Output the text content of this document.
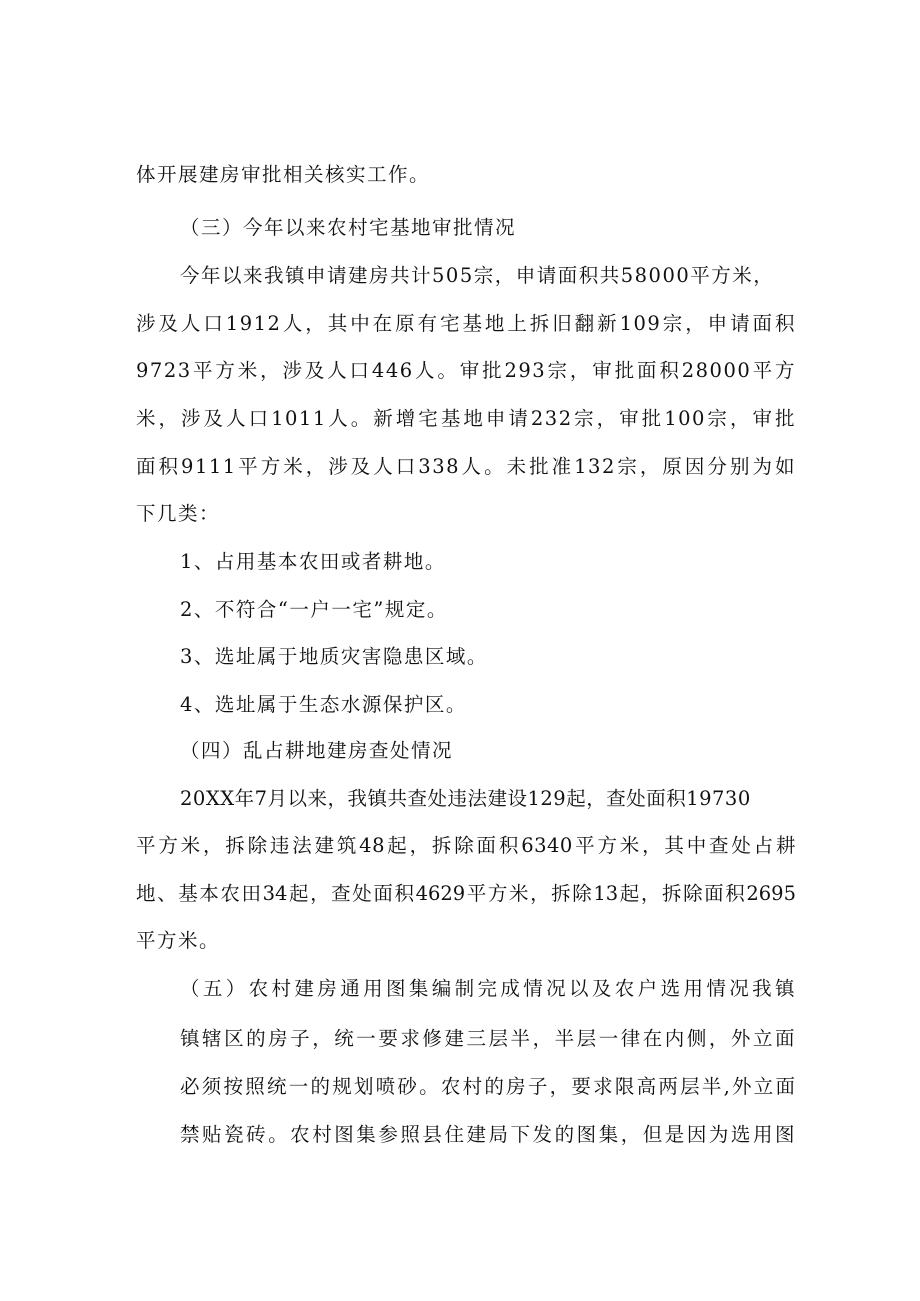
体开展建房审批相关核实工作。
（三）今年以来农村宅基地审批情况
今年以来我镇申请建房共计505宗，申请面积共58000平方米，
涉及人口1912人，其中在原有宅基地上拆旧翻新109宗，申请面积
9723平方米，涉及人口446人。审批293宗，审批面积28000平方
米，涉及人口1011人。新增宅基地申请232宗，审批100宗，审批
面积9111平方米，涉及人口338人。未批准132宗，原因分别为如
下几类：
1、占用基本农田或者耕地。
2、不符合“一户一宅”规定。
3、选址属于地质灾害隐患区域。
4、选址属于生态水源保护区。
（四）乱占耕地建房查处情况
20XX年7月以来，我镇共查处违法建设129起，查处面积19730
平方米，拆除违法建筑48起，拆除面积6340平方米，其中查处占耕
地、基本农田34起，查处面积4629平方米，拆除13起，拆除面积2695
平方米。
（五）农村建房通用图集编制完成情况以及农户选用情况我镇
镇辖区的房子，统一要求修建三层半，半层一律在内侧，外立面
必须按照统一的规划喷砂。农村的房子，要求限高两层半,外立面
禁贴瓷砖。农村图集参照县住建局下发的图集，但是因为选用图
